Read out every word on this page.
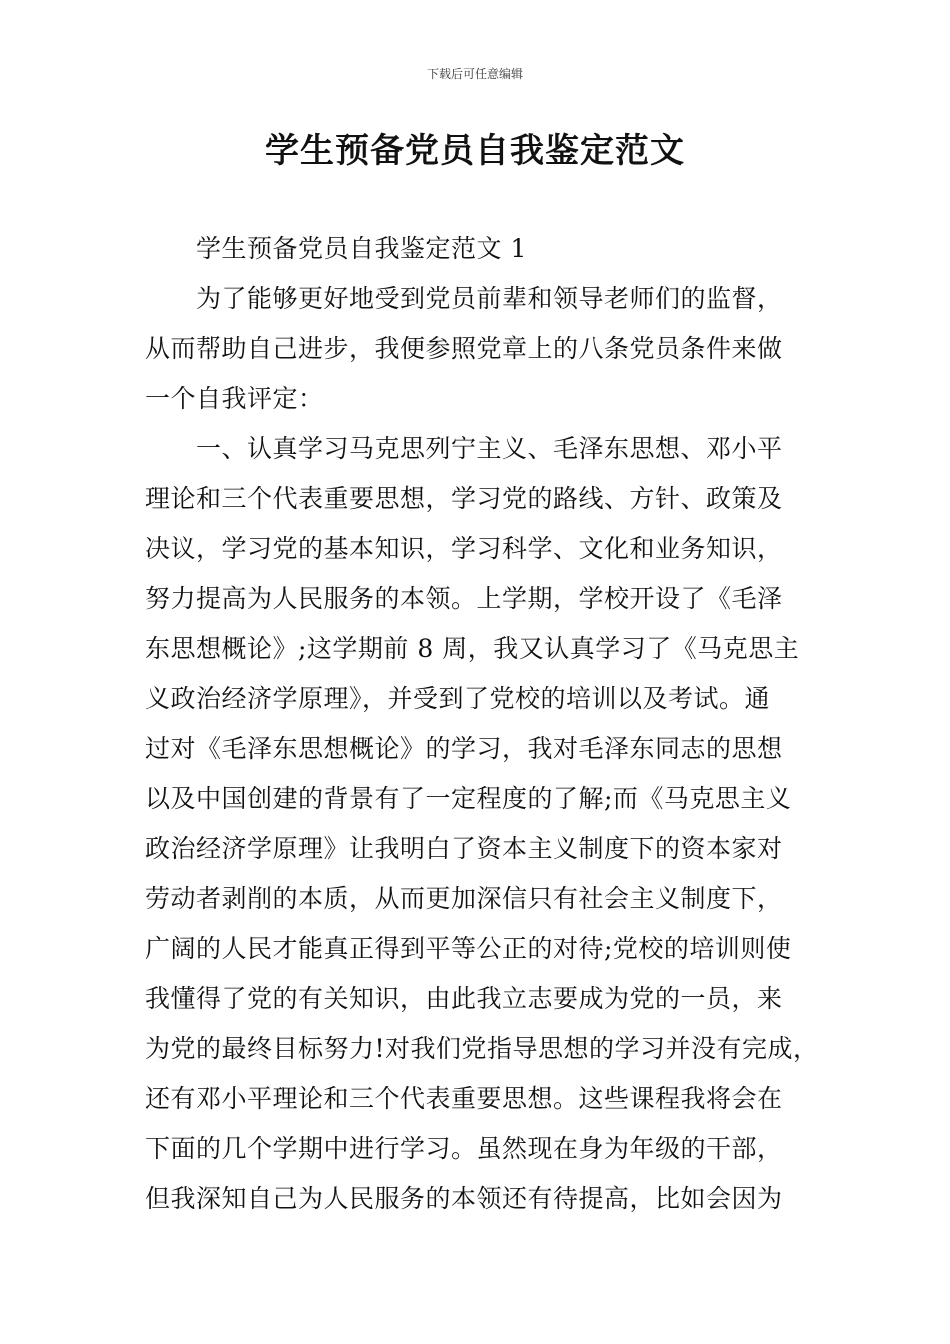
下载后可任意编辑
学生预备党员自我鉴定范文
学生预备党员自我鉴定范文 1
为了能够更好地受到党员前辈和领导老师们的监督，
从而帮助自己进步，我便参照党章上的八条党员条件来做
一个自我评定：
一、认真学习马克思列宁主义、毛泽东思想、邓小平
理论和三个代表重要思想，学习党的路线、方针、政策及
决议，学习党的基本知识，学习科学、文化和业务知识，
努力提高为人民服务的本领。上学期，学校开设了《毛泽
东思想概论》;这学期前 8 周，我又认真学习了《马克思主
义政治经济学原理》，并受到了党校的培训以及考试。通
过对《毛泽东思想概论》的学习，我对毛泽东同志的思想
以及中国创建的背景有了一定程度的了解;而《马克思主义
政治经济学原理》让我明白了资本主义制度下的资本家对
劳动者剥削的本质，从而更加深信只有社会主义制度下，
广阔的人民才能真正得到平等公正的对待;党校的培训则使
我懂得了党的有关知识，由此我立志要成为党的一员，来
为党的最终目标努力!对我们党指导思想的学习并没有完成，
还有邓小平理论和三个代表重要思想。这些课程我将会在
下面的几个学期中进行学习。虽然现在身为年级的干部，
但我深知自己为人民服务的本领还有待提高，比如会因为
